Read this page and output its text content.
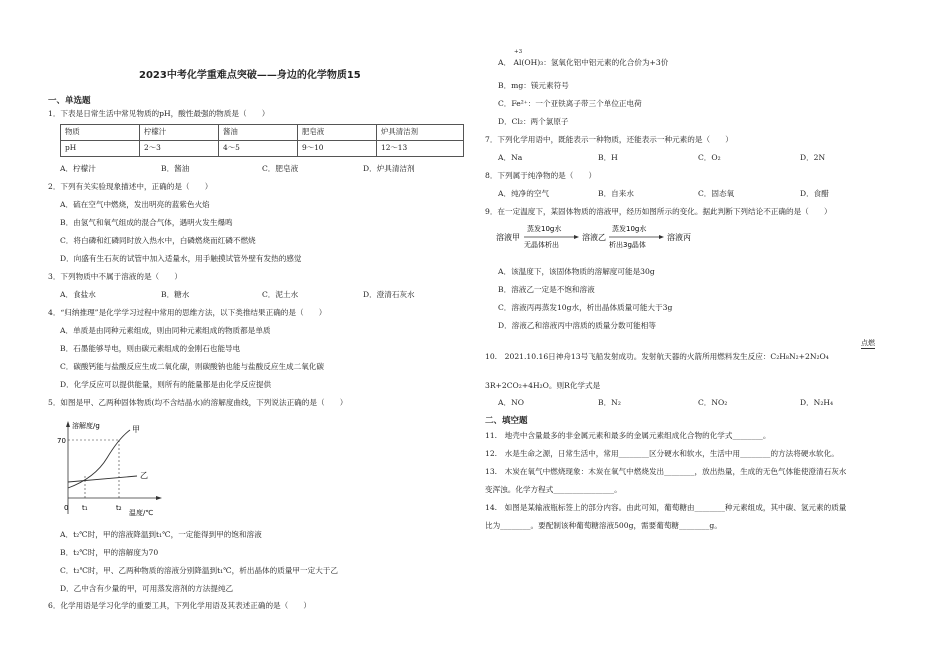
2023中考化学重难点突破——身边的化学物质15
一、单选题
1．下表是日常生活中常见物质的pH，酸性最强的物质是（　　）
物质	柠檬汁	酱油	肥皂液	炉具清洁剂
pH	2～3	4～5	9～10	12～13
A．柠檬汁	B．酱油	C．肥皂液	D．炉具清洁剂
2．下列有关实验现象描述中，正确的是（　　）
A．硫在空气中燃烧，发出明亮的蓝紫色火焰
B．由氢气和氧气组成的混合气体，遇明火发生爆鸣
C．将白磷和红磷同时放入热水中，白磷燃烧而红磷不燃烧
D．向盛有生石灰的试管中加入适量水，用手触摸试管外壁有发热的感觉
3．下列物质中不属于溶液的是（　　）
A．食盐水	B．糖水	C．泥土水	D．澄清石灰水
4．“归纳推理”是化学学习过程中常用的思维方法，以下类推结果正确的是（　　）
A．单质是由同种元素组成，则由同种元素组成的物质都是单质
B．石墨能够导电，则由碳元素组成的金刚石也能导电
C．碳酸钙能与盐酸反应生成二氧化碳，则碳酸钠也能与盐酸反应生成二氧化碳
D．化学反应可以提供能量，则所有的能量都是由化学反应提供
5．如图是甲、乙两种固体物质(均不含结晶水)的溶解度曲线，下列说法正确的是（　　）
溶解度/g
70
甲
乙
0 t₁	t₂
温度/℃
A．t₂℃时，甲的溶液降温到t₁℃，一定能得到甲的饱和溶液
B．t₂℃时，甲的溶解度为70
C．t₂℃时，甲、乙两种物质的溶液分别降温到t₁℃，析出晶体的质量甲一定大于乙
D．乙中含有少量的甲，可用蒸发溶剂的方法提纯乙
6．化学用语是学习化学的重要工具，下列化学用语及其表述正确的是（　　）
+3
A． Al(OH)₃：氢氧化铝中铝元素的化合价为+3价
B．mg：镁元素符号
C．Fe²⁺：一个亚铁离子带三个单位正电荷
D．Cl₂：两个氯原子
7．下列化学用语中，既能表示一种物质，还能表示一种元素的是（　　）
A．Na	B．H	C．O₂	D．2N
8．下列属于纯净物的是（　　）
A．纯净的空气	B．自来水	C．固态氧	D．食醋
9．在一定温度下，某固体物质的溶液甲，经历如图所示的变化。据此判断下列结论不正确的是（　　）
溶液甲
蒸发10g水
无晶体析出
溶液乙
蒸发10g水
析出3g晶体
溶液丙
A．该温度下，该固体物质的溶解度可能是30g
B．溶液乙一定是不饱和溶液
C．溶液丙再蒸发10g水，析出晶体质量可能大于3g
D．溶液乙和溶液丙中溶质的质量分数可能相等
点燃
10.　2021.10.16日神舟13号飞船发射成功。发射航天器的火箭所用燃料发生反应：C₂H₈N₂+2N₂O₄
3R+2CO₂+4H₂O。则R化学式是
A．NO	B．N₂	C．NO₂	D．N₂H₄
二、填空题
11.　地壳中含量最多的非金属元素和最多的金属元素组成化合物的化学式________。
12.　水是生命之源，日常生活中，常用________区分硬水和软水，生活中用________的方法将硬水软化。
13.　木炭在氧气中燃烧现象：木炭在氧气中燃烧发出________，放出热量，生成的无色气体能使澄清石灰水
变浑浊。化学方程式________________。
14.　如图是某输液瓶标签上的部分内容。由此可知，葡萄糖由________种元素组成，其中碳、氢元素的质量
比为________。要配制该种葡萄糖溶液500g，需要葡萄糖________g。
